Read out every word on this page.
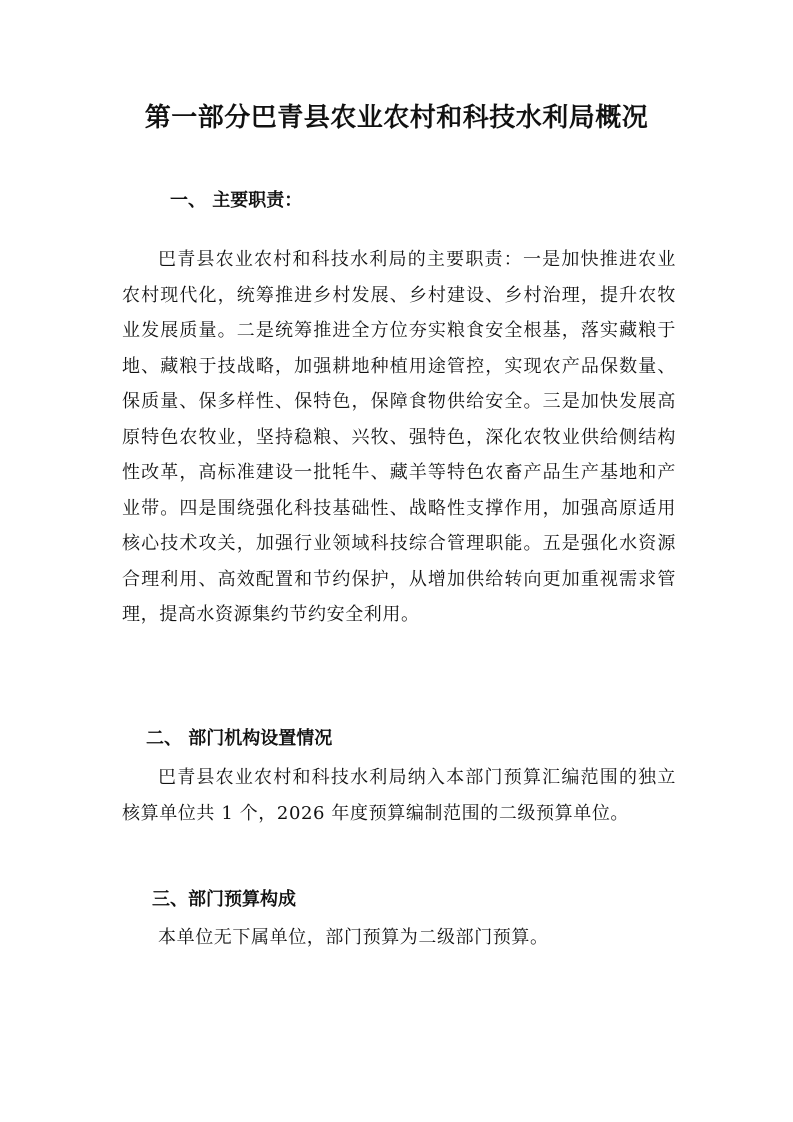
第一部分巴青县农业农村和科技水利局概况
一、 主要职责：

巴青县农业农村和科技水利局的主要职责：一是加快推进农业农村现代化，统筹推进乡村发展、乡村建设、乡村治理，提升农牧业发展质量。二是统筹推进全方位夯实粮食安全根基，落实藏粮于地、藏粮于技战略，加强耕地种植用途管控，实现农产品保数量、保质量、保多样性、保特色，保障食物供给安全。三是加快发展高原特色农牧业，坚持稳粮、兴牧、强特色，深化农牧业供给侧结构性改革，高标准建设一批牦牛、藏羊等特色农畜产品生产基地和产业带。四是围绕强化科技基础性、战略性支撑作用，加强高原适用核心技术攻关，加强行业领域科技综合管理职能。五是强化水资源合理利用、高效配置和节约保护，从增加供给转向更加重视需求管理，提高水资源集约节约安全利用。

二、 部门机构设置情况

巴青县农业农村和科技水利局纳入本部门预算汇编范围的独立核算单位共 1 个，2026 年度预算编制范围的二级预算单位。

三、部门预算构成

本单位无下属单位，部门预算为二级部门预算。
